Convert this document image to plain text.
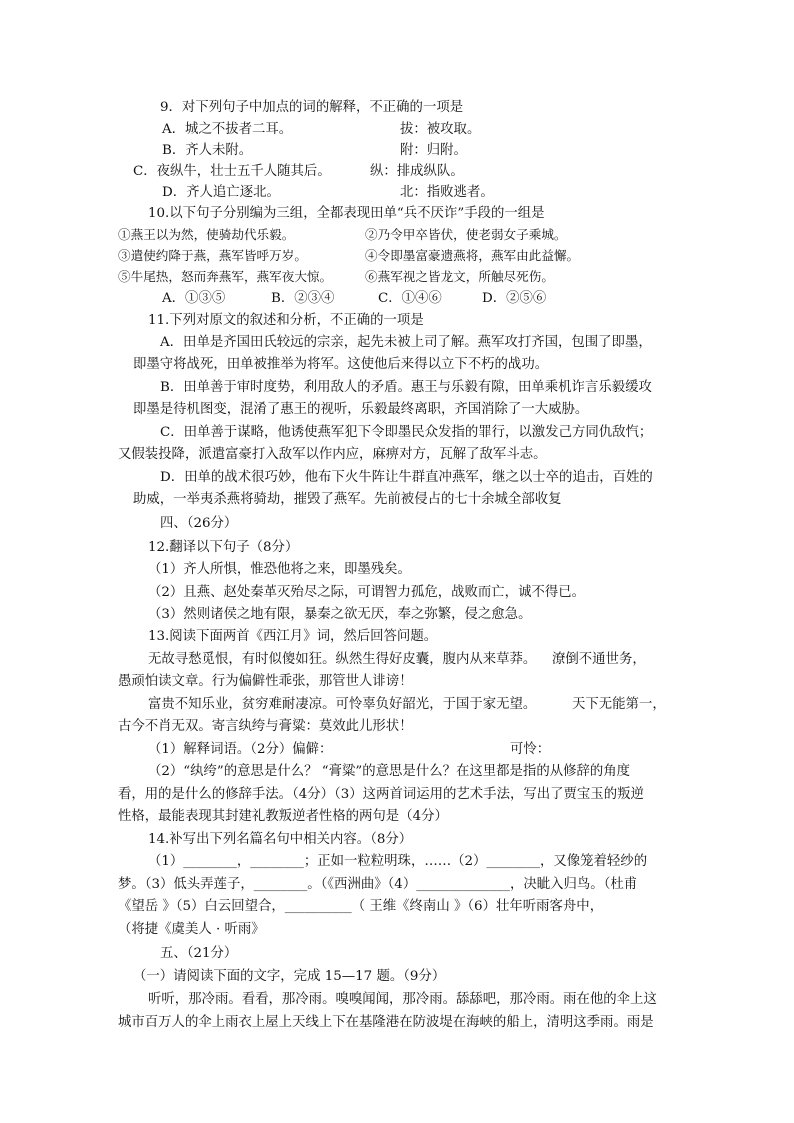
9．对下列句子中加点的词的解释，不正确的一项是
A．城之不拔者二耳。	拔：被攻取。
B．齐人未附。	附：归附。
C．夜纵牛，壮士五千人随其后。	纵：排成纵队。
D．齐人追亡逐北。	北：指败逃者。
10.以下句子分别编为三组，全都表现田单“兵不厌诈”手段的一组是
①燕王以为然，使骑劫代乐毅。	②乃令甲卒皆伏，使老弱女子乘城。
③遣使约降于燕，燕军皆呼万岁。	④令即墨富豪遗燕将，燕军由此益懈。
⑤牛尾热，怒而奔燕军，燕军夜大惊。	⑥燕军视之皆龙文，所触尽死伤。
A．①③⑤	B．②③④	C．①④⑥	D．②⑤⑥
11.下列对原文的叙述和分析，不正确的一项是
A．田单是齐国田氏较远的宗亲，起先未被上司了解。燕军攻打齐国，包围了即墨，
即墨守将战死，田单被推举为将军。这使他后来得以立下不朽的战功。
B．田单善于审时度势，利用敌人的矛盾。惠王与乐毅有隙，田单乘机诈言乐毅缓攻
即墨是待机图变，混淆了惠王的视听，乐毅最终离职，齐国消除了一大威胁。
C．田单善于谋略，他诱使燕军犯下令即墨民众发指的罪行，以激发己方同仇敌忾；
又假装投降，派遣富豪打入敌军以作内应，麻痹对方，瓦解了敌军斗志。
D．田单的战术很巧妙，他布下火牛阵让牛群直冲燕军，继之以士卒的追击，百姓的
助威，一举夷杀燕将骑劫，摧毁了燕军。先前被侵占的七十余城全部收复
四、（26分）
12.翻译以下句子（8分）
（1）齐人所惧，惟恐他将之来，即墨残矣。
（2）且燕、赵处秦革灭殆尽之际，可谓智力孤危，战败而亡，诚不得已。
（3）然则诸侯之地有限，暴秦之欲无厌，奉之弥繁，侵之愈急。
13.阅读下面两首《西江月》词，然后回答问题。
无故寻愁觅恨，有时似傻如狂。纵然生得好皮囊，腹内从来草莽。 潦倒不通世务，
愚顽怕读文章。行为偏僻性乖张，那管世人诽谤！
富贵不知乐业，贫穷难耐凄凉。可怜辜负好韶光，于国于家无望。	天下无能第一，
古今不肖无双。寄言纨绔与膏粱：莫效此儿形状！
（1）解释词语。（2分）偏僻：	可怜：
（2）“纨绔”的意思是什么？ “膏粱”的意思是什么？在这里都是指的从修辞的角度
看，用的是什么的修辞手法。（4分）（3）这两首词运用的艺术手法，写出了贾宝玉的叛逆
性格，最能表现其封建礼教叛逆者性格的两句是（4分）
14.补写出下列名篇名句中相关内容。（8分）
（1）________，________；正如一粒粒明珠，……（2）________，又像笼着轻纱的
梦。（3）低头弄莲子，________。（《西洲曲》（4）______________，决眦入归鸟。（杜甫
《望岳 》（5）白云回望合，__________（ 王维《终南山 》（6）壮年听雨客舟中，
（将捷《虞美人 · 听雨》
五、（21分）
（一）请阅读下面的文字，完成 15—17 题。（9分）
听听，那冷雨。看看，那冷雨。嗅嗅闻闻，那冷雨。舔舔吧，那冷雨。雨在他的伞上这
城市百万人的伞上雨衣上屋上天线上下在基隆港在防波堤在海峡的船上，清明这季雨。雨是
